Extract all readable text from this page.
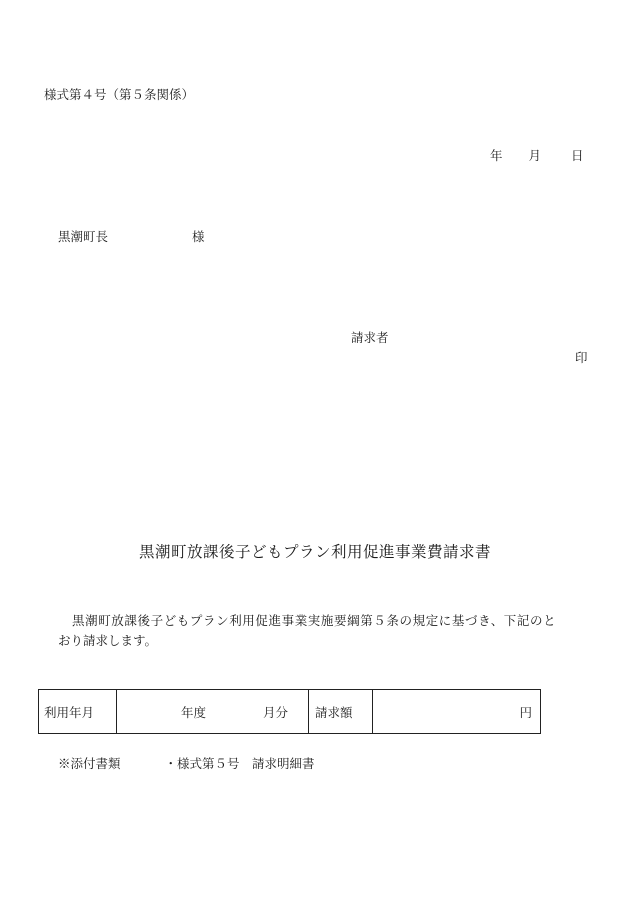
様式第４号（第５条関係）
年 月 日
黒潮町長	様
請求者
印
黒潮町放課後子どもプラン利用促進事業費請求書
黒潮町放課後子どもプラン利用促進事業実施要綱第５条の規定に基づき、下記のと
おり請求します。
利用年月	年度	月分	請求額	円
※添付書類	・様式第５号　請求明細書
